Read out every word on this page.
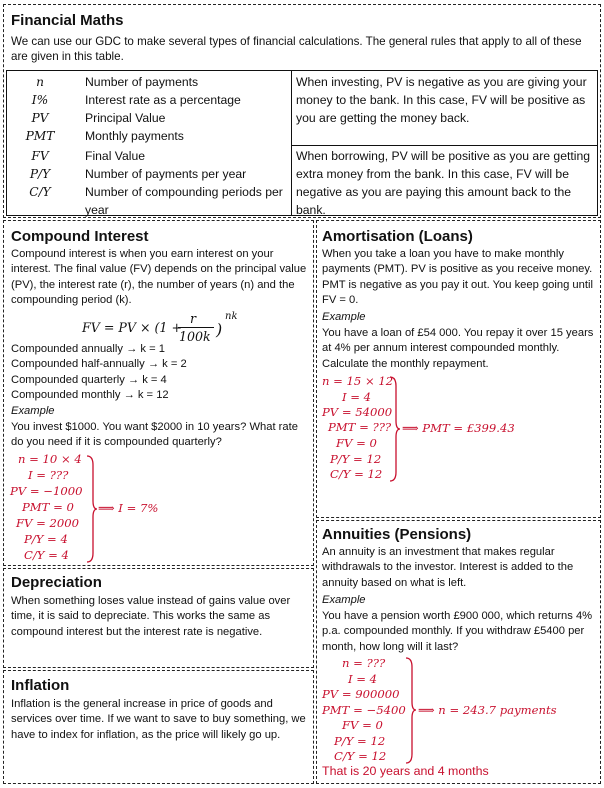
Financial Maths
We can use our GDC to make several types of financial calculations. The general rules that apply to all of these are given in this table.
n	Number of payments
I%	Interest rate as a percentage
PV	Principal Value
PMT	Monthly payments
FV	Final Value
P/Y	Number of payments per year
C/Y	Number of compounding periods per year
When investing, PV is negative as you are giving your money to the bank. In this case, FV will be positive as you are getting the money back.
When borrowing, PV will be positive as you are getting extra money from the bank. In this case, FV will be negative as you are paying this amount back to the bank.
Compound Interest
Compound interest is when you earn interest on your interest. The final value (FV) depends on the principal value (PV), the interest rate (r), the number of years (n) and the compounding period (k).
FV = PV × (1 +
r
100k )
nk
Compounded annually → k = 1
Compounded half-annually → k = 2
Compounded quarterly → k = 4
Compounded monthly → k = 12
Example
You invest $1000. You want $2000 in 10 years? What rate do you need if it is compounded quarterly?
n = 10 × 4
I = ???
PV = −1000
PMT = 0
FV = 2000
P/Y = 4
C/Y = 4
⟹ I = 7%
Depreciation
When something loses value instead of gains value over time, it is said to depreciate. This works the same as compound interest but the interest rate is negative.
Inflation
Inflation is the general increase in price of goods and services over time. If we want to save to buy something, we have to index for inflation, as the price will likely go up.
Amortisation (Loans)
When you take a loan you have to make monthly payments (PMT). PV is positive as you receive money. PMT is negative as you pay it out. You keep going until FV = 0.
Example
You have a loan of £54 000. You repay it over 15 years at 4% per annum interest compounded monthly. Calculate the monthly repayment.
n = 15 × 12
I = 4
PV = 54000
PMT = ???
FV = 0
P/Y = 12
C/Y = 12
⟹ PMT = £399.43
Annuities (Pensions)
An annuity is an investment that makes regular withdrawals to the investor. Interest is added to the annuity based on what is left.
Example
You have a pension worth £900 000, which returns 4% p.a. compounded monthly. If you withdraw £5400 per month, how long will it last?
n = ???
I = 4
PV = 900000
PMT = −5400
FV = 0
P/Y = 12
C/Y = 12
⟹ n = 243.7 payments
That is 20 years and 4 months
